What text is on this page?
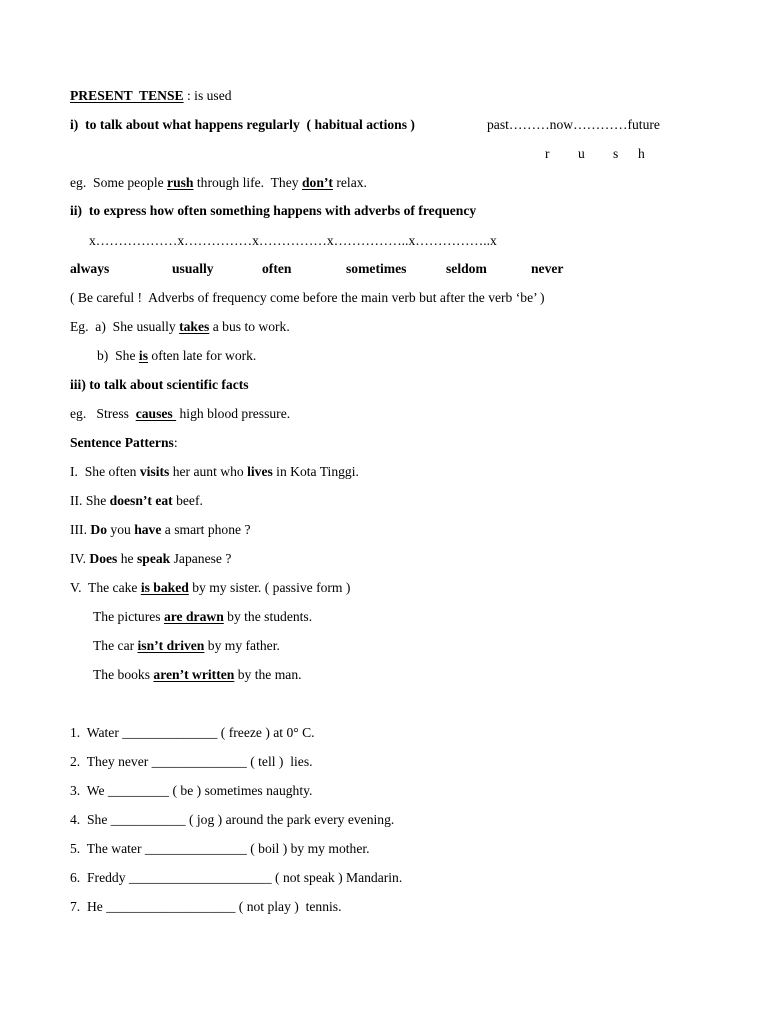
PRESENT  TENSE : is used
i)  to talk about what happens regularly  ( habitual actions )	past………now…………future
r u s h
eg.  Some people rush through life.  They don’t relax.
ii)  to express how often something happens with adverbs of frequency
x………………x……………x……………x……………..x……………..x
always	usually	often	sometimes	seldom	never
( Be careful !  Adverbs of frequency come before the main verb but after the verb ‘be’ )
Eg.  a)  She usually takes a bus to work.
b)  She is often late for work.
iii) to talk about scientific facts
eg.   Stress  causes  high blood pressure.
Sentence Patterns:
I.  She often visits her aunt who lives in Kota Tinggi.
II. She doesn’t eat beef.
III. Do you have a smart phone ?
IV. Does he speak Japanese ?
V.  The cake is baked by my sister. ( passive form )
The pictures are drawn by the students.
The car isn’t driven by my father.
The books aren’t written by the man.
1.  Water ______________ ( freeze ) at 0° C.
2.  They never ______________ ( tell )  lies.
3.  We _________ ( be ) sometimes naughty.
4.  She ___________ ( jog ) around the park every evening.
5.  The water _______________ ( boil ) by my mother.
6.  Freddy _____________________ ( not speak ) Mandarin.
7.  He ___________________ ( not play )  tennis.
